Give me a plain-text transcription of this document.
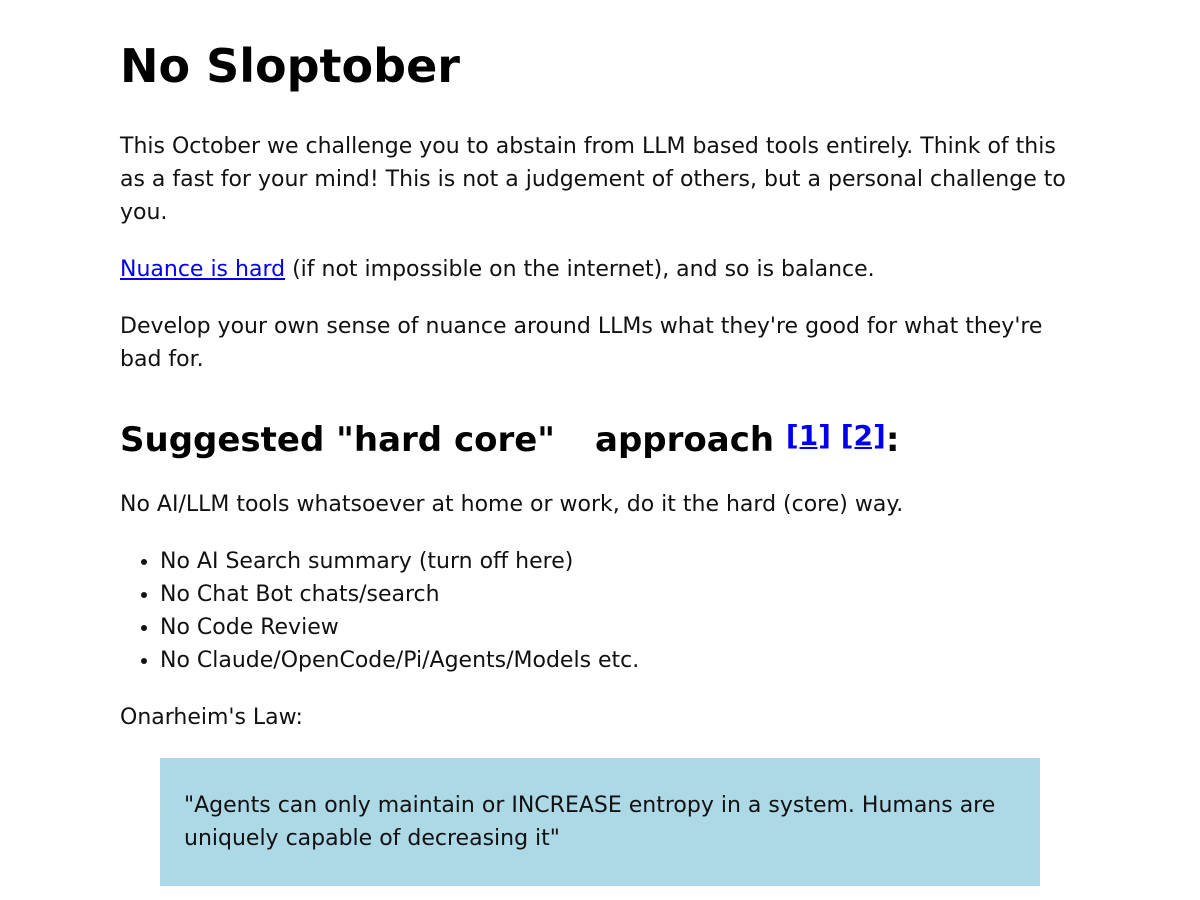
No Sloptober

This October we challenge you to abstain from LLM based tools entirely. Think of this as a fast for your mind! This is not a judgement of others, but a personal challenge to you.

Nuance is hard (if not impossible on the internet), and so is balance.

Develop your own sense of nuance around LLMs what they're good for what they're bad for.

Suggested "hard core" approach [1] [2]:

No AI/LLM tools whatsoever at home or work, do it the hard (core) way.

• No AI Search summary (turn off here)
• No Chat Bot chats/search
• No Code Review
• No Claude/OpenCode/Pi/Agents/Models etc.

Onarheim's Law:

"Agents can only maintain or INCREASE entropy in a system. Humans are uniquely capable of decreasing it"
